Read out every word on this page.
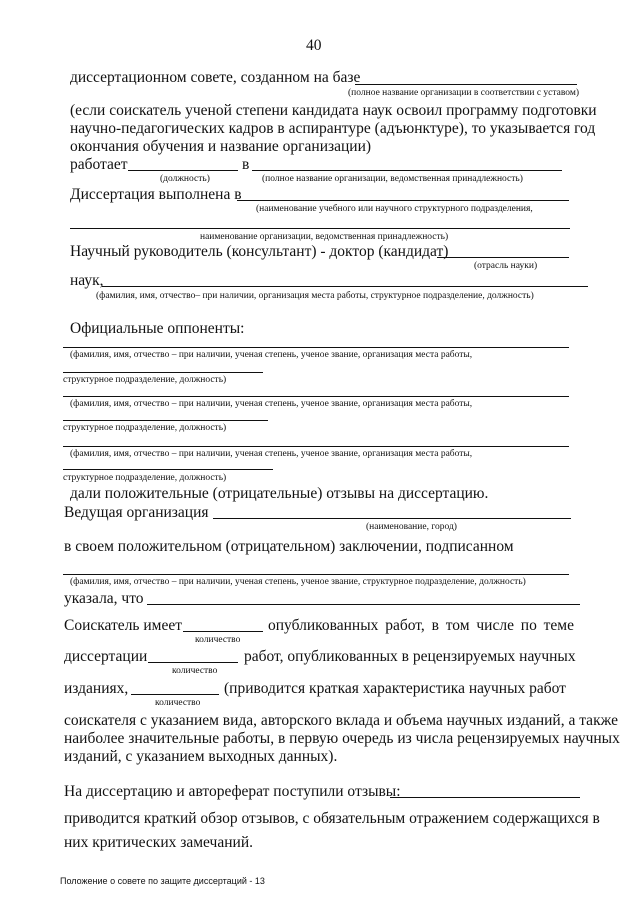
40
диссертационном совете, созданном на базе
(полное название организации в соответствии с уставом)
(если соискатель ученой степени кандидата наук освоил программу подготовки
научно-педагогических кадров в аспирантуре (адъюнктуре), то указывается год
окончания обучения и название организации)
работает	в
(должность)	(полное название организации, ведомственная принадлежность)
Диссертация выполнена в
(наименование учебного или научного структурного подразделения,
наименование организации, ведомственная принадлежность)
Научный руководитель (консультант) - доктор (кандидат)
(отрасль науки)
наук,
(фамилия, имя, отчество– при наличии, организация места работы, структурное подразделение, должность)
Официальные оппоненты:
(фамилия, имя, отчество – при наличии, ученая степень, ученое звание, организация места работы,
структурное подразделение, должность)
(фамилия, имя, отчество – при наличии, ученая степень, ученое звание, организация места работы,
структурное подразделение, должность)
(фамилия, имя, отчество – при наличии, ученая степень, ученое звание, организация места работы,
структурное подразделение, должность)
дали положительные (отрицательные) отзывы на диссертацию.
Ведущая организация
(наименование, город)
в своем положительном (отрицательном) заключении, подписанном
(фамилия, имя, отчество – при наличии, ученая степень, ученое звание, структурное подразделение, должность)
указала, что
Соискатель имеет	опубликованных работ, в том числе по теме
количество
диссертации	работ, опубликованных в рецензируемых научных
количество
изданиях,	(приводится краткая характеристика научных работ
количество
соискателя с указанием вида, авторского вклада и объема научных изданий, а также
наиболее значительные работы, в первую очередь из числа рецензируемых научных
изданий, с указанием выходных данных).
На диссертацию и автореферат поступили отзывы:
приводится краткий обзор отзывов, с обязательным отражением содержащихся в
них критических замечаний.
Положение о совете по защите диссертаций - 13
